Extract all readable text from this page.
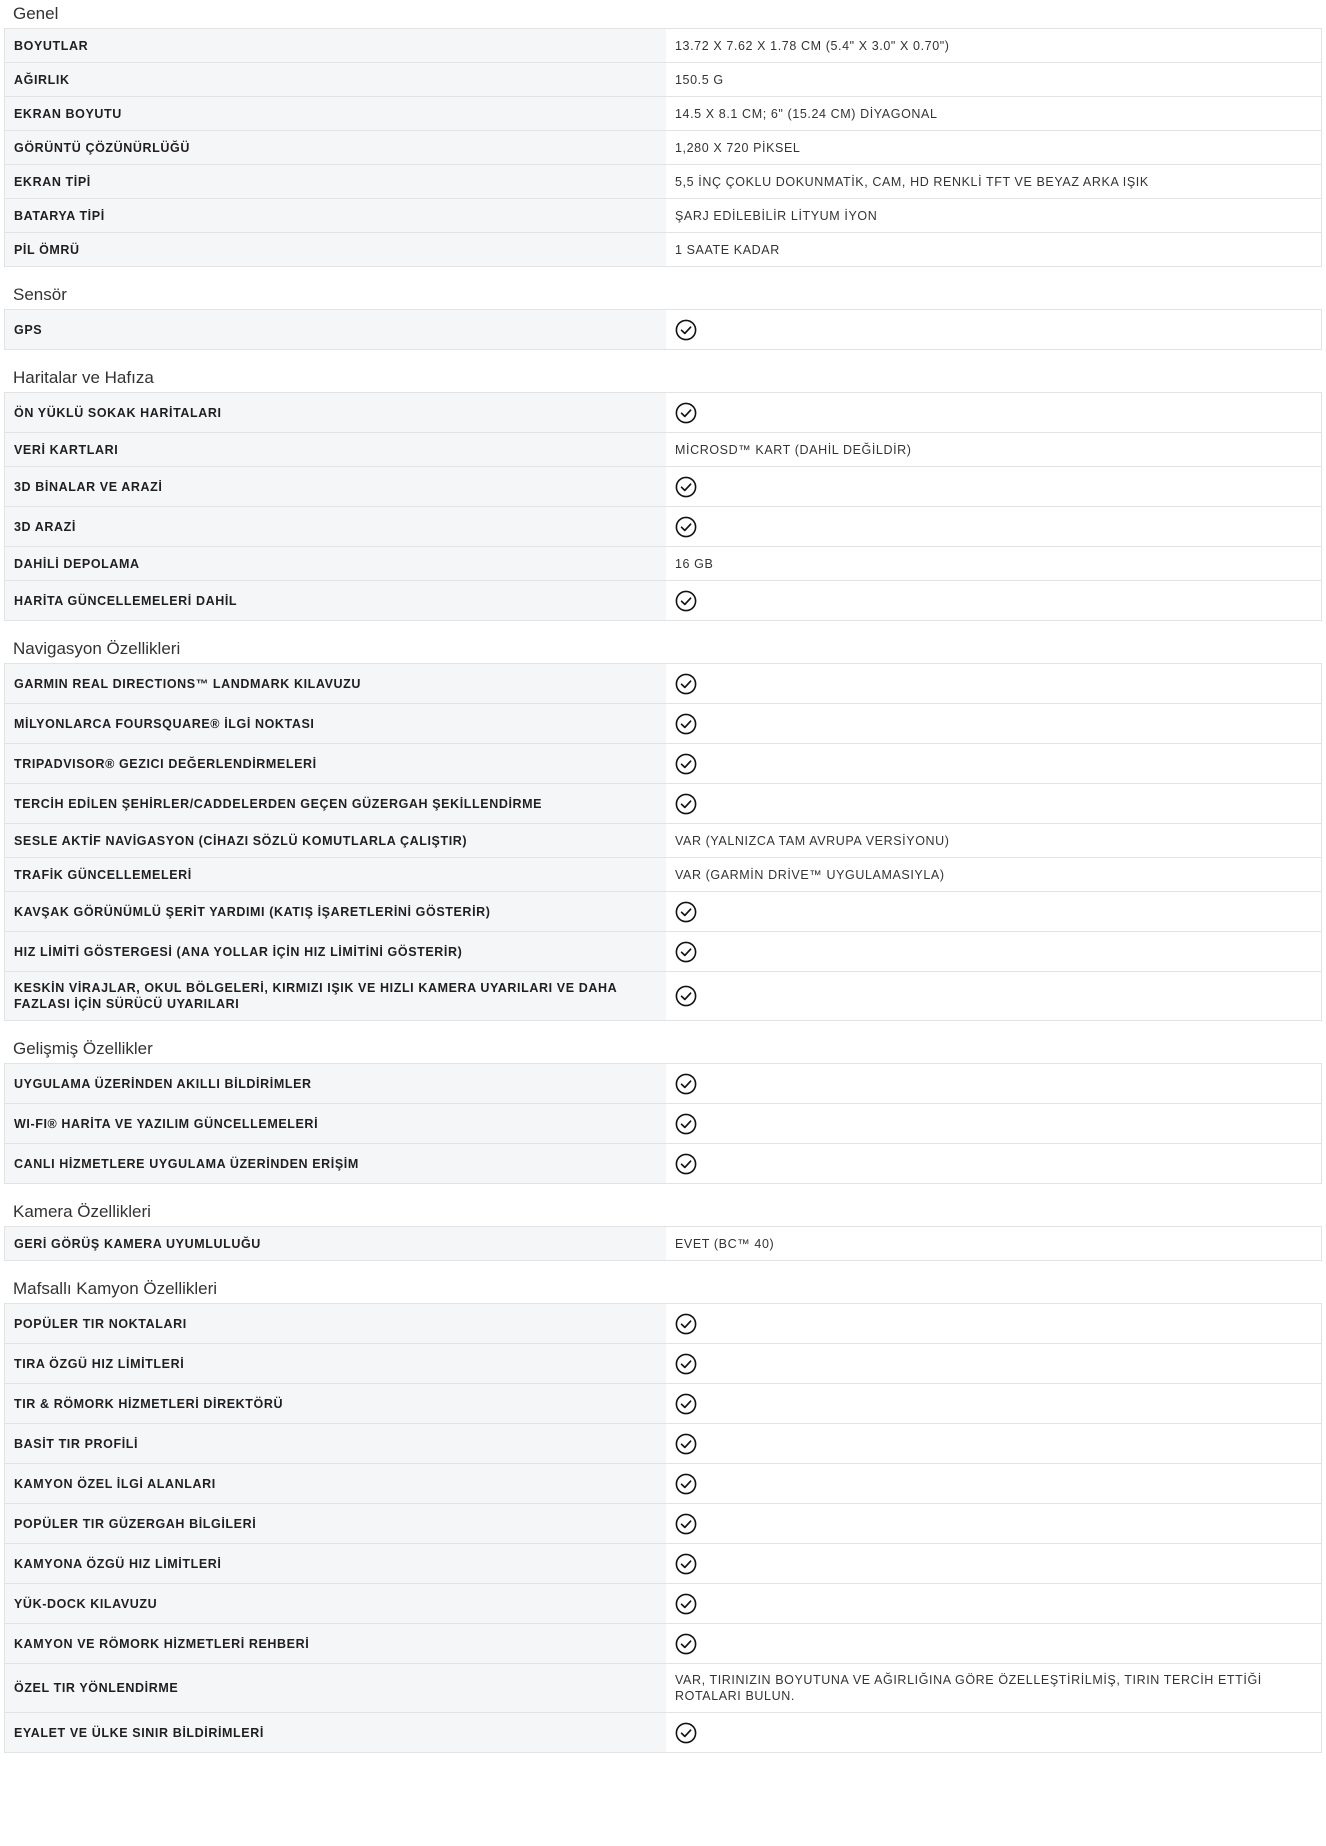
Genel
BOYUTLAR	13.72 X 7.62 X 1.78 CM (5.4" X 3.0" X 0.70")
AĞIRLIK	150.5 G
EKRAN BOYUTU	14.5 X 8.1 CM; 6" (15.24 CM) DİYAGONAL
GÖRÜNTÜ ÇÖZÜNÜRLÜĞÜ	1,280 X 720 PİKSEL
EKRAN TİPİ	5,5 İNÇ ÇOKLU DOKUNMATİK, CAM, HD RENKLİ TFT VE BEYAZ ARKA IŞIK
BATARYA TİPİ	ŞARJ EDİLEBİLİR LİTYUM İYON
PİL ÖMRÜ	1 SAATE KADAR
Sensör
GPS	
Haritalar ve Hafıza
ÖN YÜKLÜ SOKAK HARİTALARI	
VERİ KARTLARI	MİCROSD™ KART (DAHİL DEĞİLDİR)
3D BİNALAR VE ARAZİ	
3D ARAZİ	
DAHİLİ DEPOLAMA	16 GB
HARİTA GÜNCELLEMELERİ DAHİL	
Navigasyon Özellikleri
GARMIN REAL DIRECTIONS™ LANDMARK KILAVUZU	
MİLYONLARCA FOURSQUARE® İLGİ NOKTASI	
TRIPADVISOR® GEZICI DEĞERLENDİRMELERİ	
TERCİH EDİLEN ŞEHİRLER/CADDELERDEN GEÇEN GÜZERGAH ŞEKİLLENDİRME	
SESLE AKTİF NAVİGASYON (CİHAZI SÖZLÜ KOMUTLARLA ÇALIŞTIR)	VAR (YALNIZCA TAM AVRUPA VERSİYONU)
TRAFİK GÜNCELLEMELERİ	VAR (GARMİN DRİVE™ UYGULAMASIYLA)
KAVŞAK GÖRÜNÜMLÜ ŞERİT YARDIMI (KATIŞ İŞARETLERİNİ GÖSTERİR)	
HIZ LİMİTİ GÖSTERGESİ (ANA YOLLAR İÇİN HIZ LİMİTİNİ GÖSTERİR)	
KESKİN VİRAJLAR, OKUL BÖLGELERİ, KIRMIZI IŞIK VE HIZLI KAMERA UYARILARI VE DAHA FAZLASI İÇİN SÜRÜCÜ UYARILARI	
Gelişmiş Özellikler
UYGULAMA ÜZERİNDEN AKILLI BİLDİRİMLER	
WI-FI® HARİTA VE YAZILIM GÜNCELLEMELERİ	
CANLI HİZMETLERE UYGULAMA ÜZERİNDEN ERİŞİM	
Kamera Özellikleri
GERİ GÖRÜŞ KAMERA UYUMLULUĞU	EVET (BC™ 40)
Mafsallı Kamyon Özellikleri
POPÜLER TIR NOKTALARI	
TIRA ÖZGÜ HIZ LİMİTLERİ	
TIR & RÖMORK HİZMETLERİ DİREKTÖRÜ	
BASİT TIR PROFİLİ	
KAMYON ÖZEL İLGİ ALANLARI	
POPÜLER TIR GÜZERGAH BİLGİLERİ	
KAMYONA ÖZGÜ HIZ LİMİTLERİ	
YÜK-DOCK KILAVUZU	
KAMYON VE RÖMORK HİZMETLERİ REHBERİ	
ÖZEL TIR YÖNLENDİRME	VAR, TIRINIZIN BOYUTUNA VE AĞIRLIĞINA GÖRE ÖZELLEŞTİRİLMİŞ, TIRIN TERCİH ETTİĞİ ROTALARI BULUN.
EYALET VE ÜLKE SINIR BİLDİRİMLERİ	
